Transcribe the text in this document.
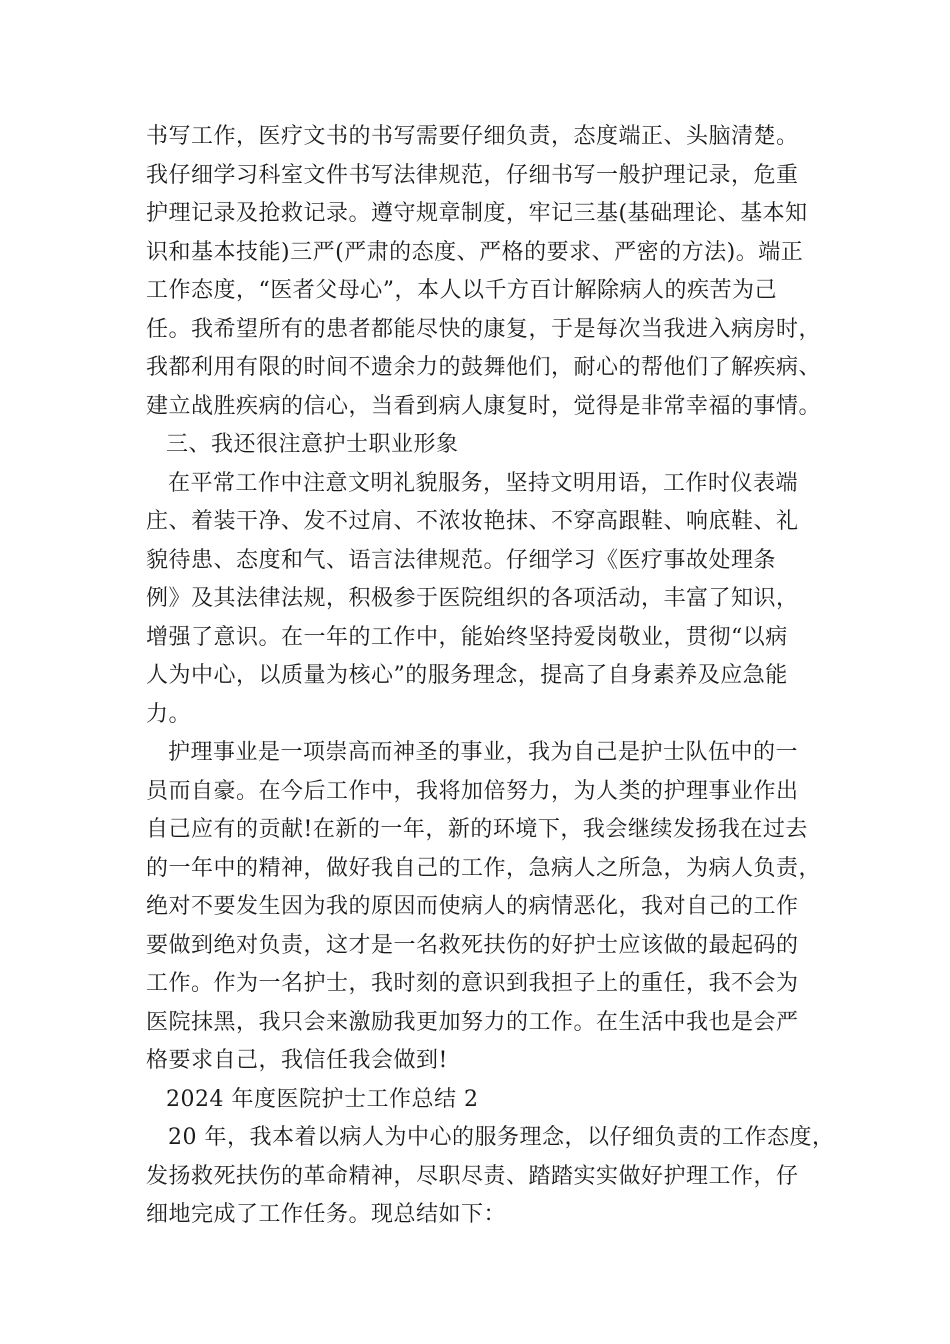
书写工作，医疗文书的书写需要仔细负责，态度端正、头脑清楚。
我仔细学习科室文件书写法律规范，仔细书写一般护理记录，危重
护理记录及抢救记录。遵守规章制度，牢记三基(基础理论、基本知
识和基本技能)三严(严肃的态度、严格的要求、严密的方法)。端正
工作态度，“医者父母心”，本人以千方百计解除病人的疾苦为己
任。我希望所有的患者都能尽快的康复，于是每次当我进入病房时，
我都利用有限的时间不遗余力的鼓舞他们，耐心的帮他们了解疾病、
建立战胜疾病的信心，当看到病人康复时，觉得是非常幸福的事情。
三、我还很注意护士职业形象
在平常工作中注意文明礼貌服务，坚持文明用语，工作时仪表端
庄、着装干净、发不过肩、不浓妆艳抹、不穿高跟鞋、响底鞋、礼
貌待患、态度和气、语言法律规范。仔细学习《医疗事故处理条
例》及其法律法规，积极参于医院组织的各项活动，丰富了知识，
增强了意识。在一年的工作中，能始终坚持爱岗敬业，贯彻“以病
人为中心，以质量为核心”的服务理念，提高了自身素养及应急能
力。
护理事业是一项崇高而神圣的事业，我为自己是护士队伍中的一
员而自豪。在今后工作中，我将加倍努力，为人类的护理事业作出
自己应有的贡献!在新的一年，新的环境下，我会继续发扬我在过去
的一年中的精神，做好我自己的工作，急病人之所急，为病人负责，
绝对不要发生因为我的原因而使病人的病情恶化，我对自己的工作
要做到绝对负责，这才是一名救死扶伤的好护士应该做的最起码的
工作。作为一名护士，我时刻的意识到我担子上的重任，我不会为
医院抹黑，我只会来激励我更加努力的工作。在生活中我也是会严
格要求自己，我信任我会做到!
2024 年度医院护士工作总结 2
20 年，我本着以病人为中心的服务理念，以仔细负责的工作态度，
发扬救死扶伤的革命精神，尽职尽责、踏踏实实做好护理工作，仔
细地完成了工作任务。现总结如下：
